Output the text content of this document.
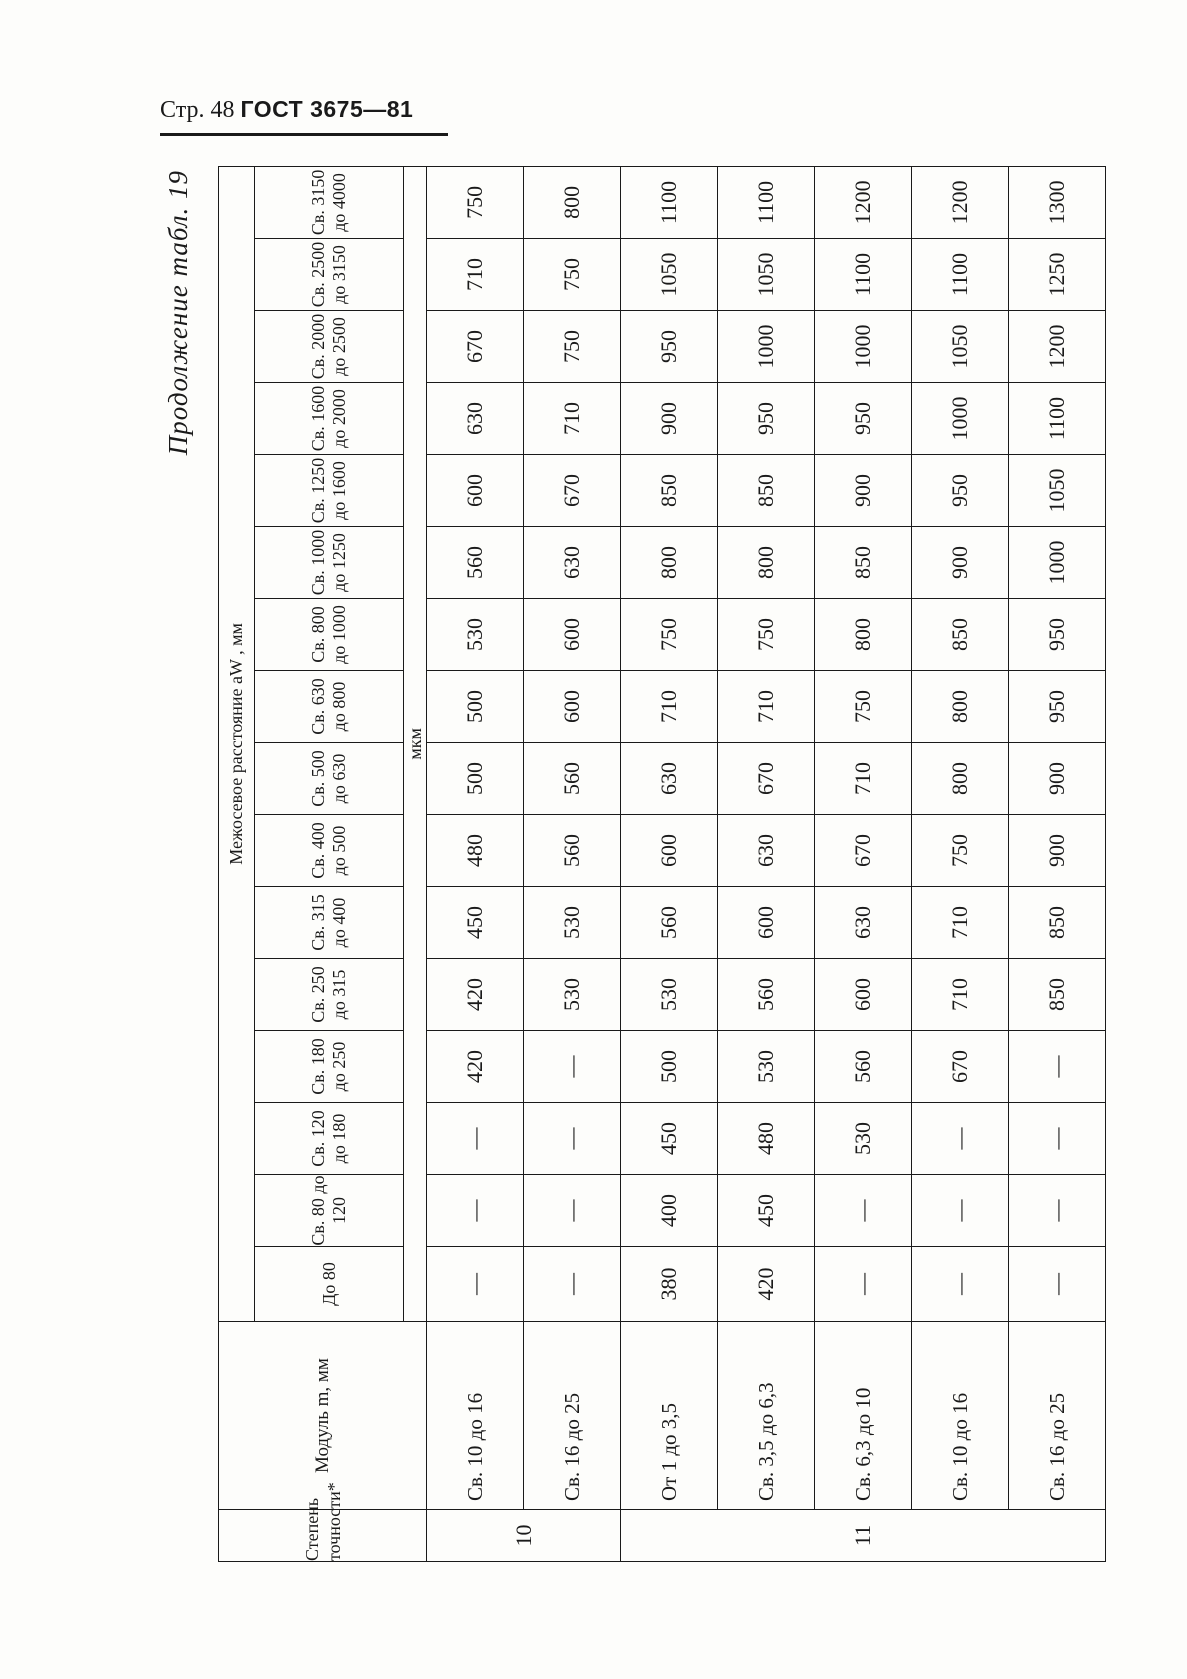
Стр. 48 ГОСТ 3675—81
Продолжение табл. 19
Степень точности*	Модуль m, мм	Межосевое расстояние aW , мм															
		До 80	Св. 80 до 120	Св. 120 до 180	Св. 180 до 250	Св. 250 до 315	Св. 315 до 400	Св. 400 до 500	Св. 500 до 630	Св. 630 до 800	Св. 800 до 1000	Св. 1000 до 1250	Св. 1250 до 1600	Св. 1600 до 2000	Св. 2000 до 2500	Св. 2500 до 3150	Св. 3150 до 4000
		мкм															
10	Св. 10 до 16	—	—	—	420	420	450	480	500	500	530	560	600	630	670	710	750
	Св. 16 до 25	—	—	—	—	530	530	560	560	600	600	630	670	710	750	750	800
11	От 1 до 3,5	380	400	450	500	530	560	600	630	710	750	800	850	900	950	1050	1100
	Св. 3,5 до 6,3	420	450	480	530	560	600	630	670	710	750	800	850	950	1000	1050	1100
	Св. 6,3 до 10	—	—	530	560	600	630	670	710	750	800	850	900	950	1000	1100	1200
	Св. 10 до 16	—	—	—	670	710	710	750	800	800	850	900	950	1000	1050	1100	1200
	Св. 16 до 25	—	—	—	—	850	850	900	900	950	950	1000	1050	1100	1200	1250	1300
